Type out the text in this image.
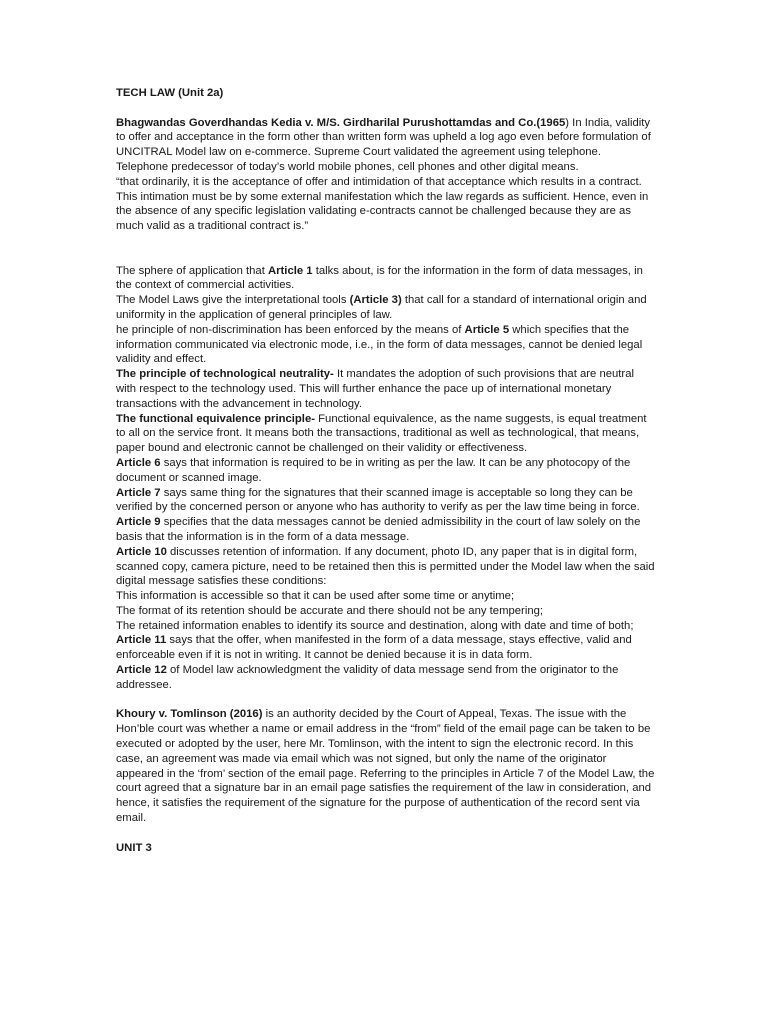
TECH LAW (Unit 2a)

Bhagwandas Goverdhandas Kedia v. M/S. Girdharilal Purushottamdas and Co.(1965) In India, validity to offer and acceptance in the form other than written form was upheld a log ago even before formulation of UNCITRAL Model law on e-commerce. Supreme Court validated the agreement using telephone. Telephone predecessor of today’s world mobile phones, cell phones and other digital means.

“that ordinarily, it is the acceptance of offer and intimidation of that acceptance which results in a contract. This intimation must be by some external manifestation which the law regards as sufficient. Hence, even in the absence of any specific legislation validating e-contracts cannot be challenged because they are as much valid as a traditional contract is.”

The sphere of application that Article 1 talks about, is for the information in the form of data messages, in the context of commercial activities.

The Model Laws give the interpretational tools (Article 3) that call for a standard of international origin and uniformity in the application of general principles of law.

he principle of non-discrimination has been enforced by the means of Article 5 which specifies that the information communicated via electronic mode, i.e., in the form of data messages, cannot be denied legal validity and effect.

The principle of technological neutrality- It mandates the adoption of such provisions that are neutral with respect to the technology used. This will further enhance the pace up of international monetary transactions with the advancement in technology.

The functional equivalence principle- Functional equivalence, as the name suggests, is equal treatment to all on the service front. It means both the transactions, traditional as well as technological, that means, paper bound and electronic cannot be challenged on their validity or effectiveness.

Article 6 says that information is required to be in writing as per the law. It can be any photocopy of the document or scanned image.

Article 7 says same thing for the signatures that their scanned image is acceptable so long they can be verified by the concerned person or anyone who has authority to verify as per the law time being in force.

Article 9 specifies that the data messages cannot be denied admissibility in the court of law solely on the basis that the information is in the form of a data message.

Article 10 discusses retention of information. If any document, photo ID, any paper that is in digital form, scanned copy, camera picture, need to be retained then this is permitted under the Model law when the said digital message satisfies these conditions:

This information is accessible so that it can be used after some time or anytime;

The format of its retention should be accurate and there should not be any tempering;

The retained information enables to identify its source and destination, along with date and time of both;

Article 11 says that the offer, when manifested in the form of a data message, stays effective, valid and enforceable even if it is not in writing. It cannot be denied because it is in data form.

Article 12 of Model law acknowledgment the validity of data message send from the originator to the addressee.

Khoury v. Tomlinson (2016) is an authority decided by the Court of Appeal, Texas. The issue with the Hon’ble court was whether a name or email address in the “from” field of the email page can be taken to be executed or adopted by the user, here Mr. Tomlinson, with the intent to sign the electronic record. In this case, an agreement was made via email which was not signed, but only the name of the originator appeared in the ‘from’ section of the email page. Referring to the principles in Article 7 of the Model Law, the court agreed that a signature bar in an email page satisfies the requirement of the law in consideration, and hence, it satisfies the requirement of the signature for the purpose of authentication of the record sent via email.

UNIT 3
